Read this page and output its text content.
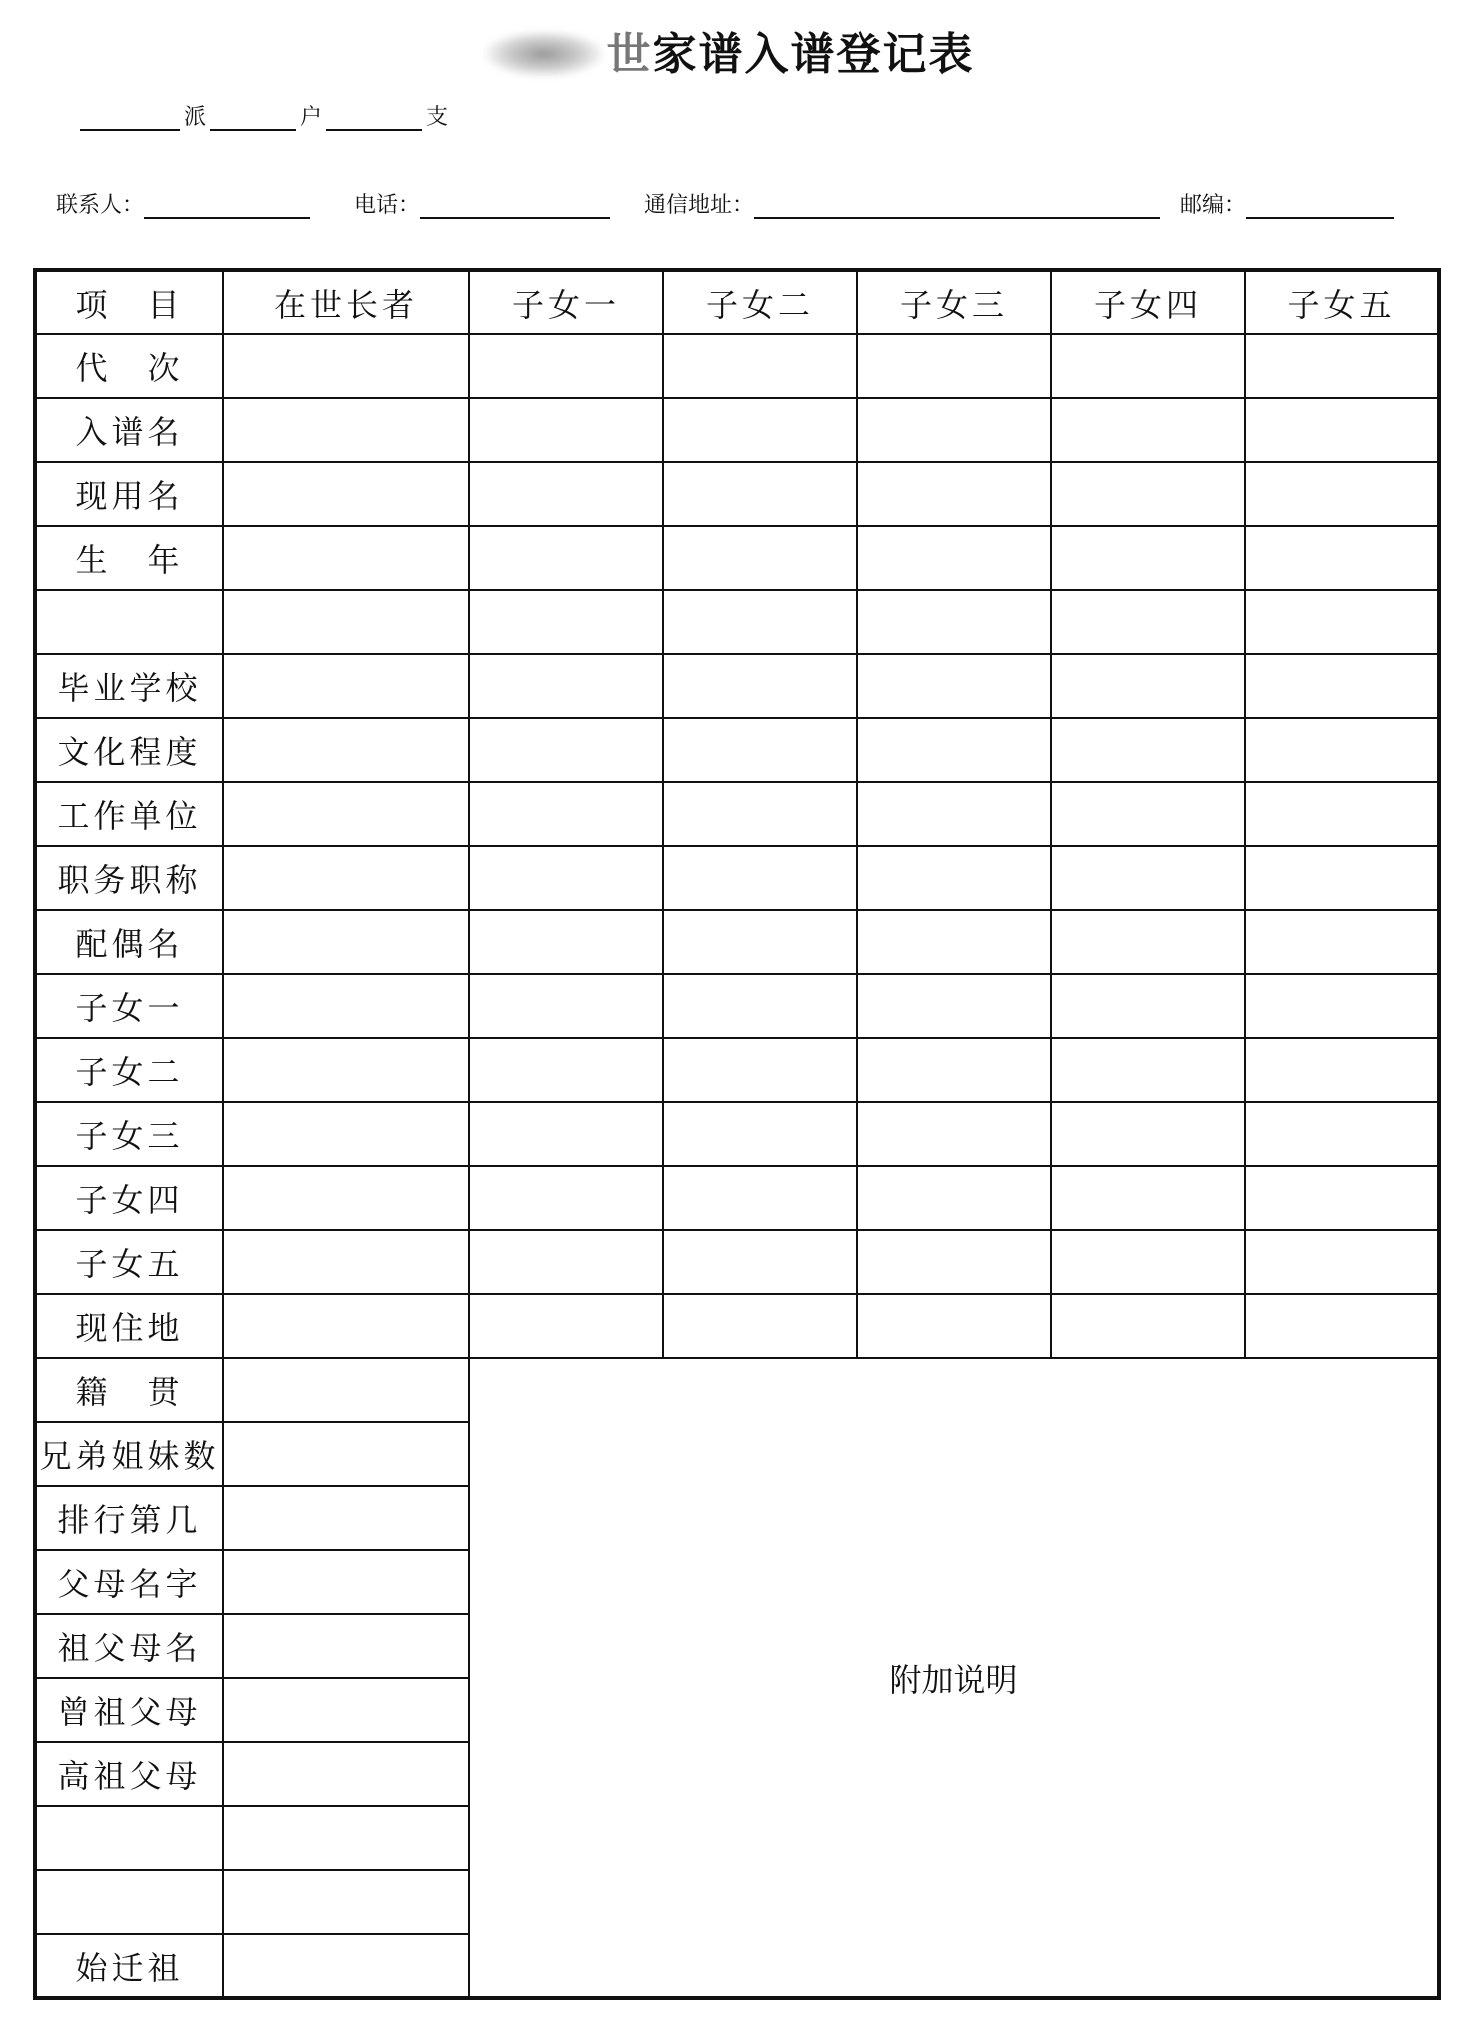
世家谱入谱登记表
派	户	支
联系人：	电话：	通信地址：	邮编：
项　目	在世长者	子女一	子女二	子女三	子女四	子女五
代　次						
入谱名						
现用名						
生　年						

毕业学校						
文化程度						
工作单位						
职务职称						
配偶名						
子女一						
子女二						
子女三						
子女四						
子女五						
现住地						
籍　贯		附加说明				
兄弟姐妹数						
排行第几						
父母名字						
祖父母名						
曾祖父母						
高祖父母						

始迁祖						
